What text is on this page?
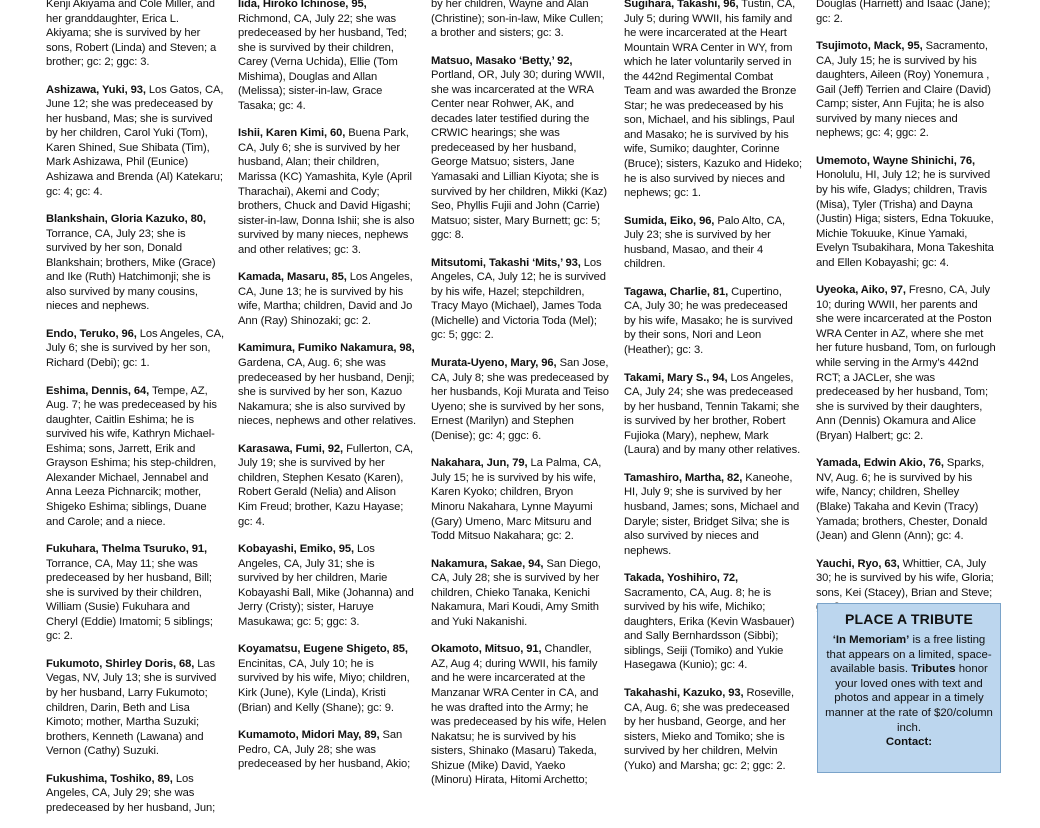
Kenji Akiyama and Cole Miller, and her granddaughter, Erica L. Akiyama; she is survived by her sons, Robert (Linda) and Steven; a brother; gc: 2; ggc: 3.
Ashizawa, Yuki, 93, Los Gatos, CA, June 12; she was predeceased by her husband, Mas; she is survived by her children, Carol Yuki (Tom), Karen Shined, Sue Shibata (Tim), Mark Ashizawa, Phil (Eunice) Ashizawa and Brenda (Al) Katekaru; gc: 4; gc: 4.
Blankshain, Gloria Kazuko, 80, Torrance, CA, July 23; she is survived by her son, Donald Blankshain; brothers, Mike (Grace) and Ike (Ruth) Hatchimonji; she is also survived by many cousins, nieces and nephews.
Endo, Teruko, 96, Los Angeles, CA, July 6; she is survived by her son, Richard (Debi); gc: 1.
Eshima, Dennis, 64, Tempe, AZ, Aug. 7; he was predeceased by his daughter, Caitlin Eshima; he is survived his wife, Kathryn Michael-Eshima; sons, Jarrett, Erik and Grayson Eshima; his step-children, Alexander Michael, Jennabel and Anna Leeza Pichnarcik; mother, Shigeko Eshima; siblings, Duane and Carole; and a niece.
Fukuhara, Thelma Tsuruko, 91, Torrance, CA, May 11; she was predeceased by her husband, Bill; she is survived by their children, William (Susie) Fukuhara and Cheryl (Eddie) Imatomi; 5 siblings; gc: 2.
Fukumoto, Shirley Doris, 68, Las Vegas, NV, July 13; she is survived by her husband, Larry Fukumoto; children, Darin, Beth and Lisa Kimoto; mother, Martha Suzuki; brothers, Kenneth (Lawana) and Vernon (Cathy) Suzuki.
Fukushima, Toshiko, 89, Los Angeles, CA, July 29; she was predeceased by her husband, Jun;
Iida, Hiroko Ichinose, 95, Richmond, CA, July 22; she was predeceased by her husband, Ted; she is survived by their children, Carey (Verna Uchida), Ellie (Tom Mishima), Douglas and Allan (Melissa); sister-in-law, Grace Tasaka; gc: 4.
Ishii, Karen Kimi, 60, Buena Park, CA, July 6; she is survived by her husband, Alan; their children, Marissa (KC) Yamashita, Kyle (April Tharachai), Akemi and Cody; brothers, Chuck and David Higashi; sister-in-law, Donna Ishii; she is also survived by many nieces, nephews and other relatives; gc: 3.
Kamada, Masaru, 85, Los Angeles, CA, June 13; he is survived by his wife, Martha; children, David and Jo Ann (Ray) Shinozaki; gc: 2.
Kamimura, Fumiko Nakamura, 98, Gardena, CA, Aug. 6; she was predeceased by her husband, Denji; she is survived by her son, Kazuo Nakamura; she is also survived by nieces, nephews and other relatives.
Karasawa, Fumi, 92, Fullerton, CA, July 19; she is survived by her children, Stephen Kesato (Karen), Robert Gerald (Nelia) and Alison Kim Freud; brother, Kazu Hayase; gc: 4.
Kobayashi, Emiko, 95, Los Angeles, CA, July 31; she is survived by her children, Marie Kobayashi Ball, Mike (Johanna) and Jerry (Cristy); sister, Haruye Masukawa; gc: 5; ggc: 3.
Koyamatsu, Eugene Shigeto, 85, Encinitas, CA, July 10; he is survived by his wife, Miyo; children, Kirk (June), Kyle (Linda), Kristi (Brian) and Kelly (Shane); gc: 9.
Kumamoto, Midori May, 89, San Pedro, CA, July 28; she was predeceased by her husband, Akio;
by her children, Wayne and Alan (Christine); son-in-law, Mike Cullen; a brother and sisters; gc: 3.
Matsuo, Masako ‘Betty,’ 92, Portland, OR, July 30; during WWII, she was incarcerated at the WRA Center near Rohwer, AK, and decades later testified during the CRWIC hearings; she was predeceased by her husband, George Matsuo; sisters, Jane Yamasaki and Lillian Kiyota; she is survived by her children, Mikki (Kaz) Seo, Phyllis Fujii and John (Carrie) Matsuo; sister, Mary Burnett; gc: 5; ggc: 8.
Mitsutomi, Takashi ‘Mits,’ 93, Los Angeles, CA, July 12; he is survived by his wife, Hazel; stepchildren, Tracy Mayo (Michael), James Toda (Michelle) and Victoria Toda (Mel); gc: 5; ggc: 2.
Murata-Uyeno, Mary, 96, San Jose, CA, July 8; she was predeceased by her husbands, Koji Murata and Teiso Uyeno; she is survived by her sons, Ernest (Marilyn) and Stephen (Denise); gc: 4; ggc: 6.
Nakahara, Jun, 79, La Palma, CA, July 15; he is survived by his wife, Karen Kyoko; children, Bryon Minoru Nakahara, Lynne Mayumi (Gary) Umeno, Marc Mitsuru and Todd Mitsuo Nakahara; gc: 2.
Nakamura, Sakae, 94, San Diego, CA, July 28; she is survived by her children, Chieko Tanaka, Kenichi Nakamura, Mari Koudi, Amy Smith and Yuki Nakanishi.
Okamoto, Mitsuo, 91, Chandler, AZ, Aug 4; during WWII, his family and he were incarcerated at the Manzanar WRA Center in CA, and he was drafted into the Army; he was predeceased by his wife, Helen Nakatsu; he is survived by his sisters, Shinako (Masaru) Takeda, Shizue (Mike) David, Yaeko (Minoru) Hirata, Hitomi Archetto;
Sugihara, Takashi, 96, Tustin, CA, July 5; during WWII, his family and he were incarcerated at the Heart Mountain WRA Center in WY, from which he later voluntarily served in the 442nd Regimental Combat Team and was awarded the Bronze Star; he was predeceased by his son, Michael, and his siblings, Paul and Masako; he is survived by his wife, Sumiko; daughter, Corinne (Bruce); sisters, Kazuko and Hideko; he is also survived by nieces and nephews; gc: 1.
Sumida, Eiko, 96, Palo Alto, CA, July 23; she is survived by her husband, Masao, and their 4 children.
Tagawa, Charlie, 81, Cupertino, CA, July 30; he was predeceased by his wife, Masako; he is survived by their sons, Nori and Leon (Heather); gc: 3.
Takami, Mary S., 94, Los Angeles, CA, July 24; she was predeceased by her husband, Tennin Takami; she is survived by her brother, Robert Fujioka (Mary), nephew, Mark (Laura) and by many other relatives.
Tamashiro, Martha, 82, Kaneohe, HI, July 9; she is survived by her husband, James; sons, Michael and Daryle; sister, Bridget Silva; she is also survived by nieces and nephews.
Takada, Yoshihiro, 72, Sacramento, CA, Aug. 8; he is survived by his wife, Michiko; daughters, Erika (Kevin Wasbauer) and Sally Bernhardsson (Sibbi); siblings, Seiji (Tomiko) and Yukie Hasegawa (Kunio); gc: 4.
Takahashi, Kazuko, 93, Roseville, CA, Aug. 6; she was predeceased by her husband, George, and her sisters, Mieko and Tomiko; she is survived by her children, Melvin (Yuko) and Marsha; gc: 2; ggc: 2.
Douglas (Harriett) and Isaac (Jane); gc: 2.
Tsujimoto, Mack, 95, Sacramento, CA, July 15; he is survived by his daughters, Aileen (Roy) Yonemura , Gail (Jeff) Terrien and Claire (David) Camp; sister, Ann Fujita; he is also survived by many nieces and nephews; gc: 4; ggc: 2.
Umemoto, Wayne Shinichi, 76, Honolulu, HI, July 12; he is survived by his wife, Gladys; children, Travis (Misa), Tyler (Trisha) and Dayna (Justin) Higa; sisters, Edna Tokuuke, Michie Tokuuke, Kinue Yamaki, Evelyn Tsubakihara, Mona Takeshita and Ellen Kobayashi; gc: 4.
Uyeoka, Aiko, 97, Fresno, CA, July 10; during WWII, her parents and she were incarcerated at the Poston WRA Center in AZ, where she met her future husband, Tom, on furlough while serving in the Army’s 442nd RCT; a JACLer, she was predeceased by her husband, Tom; she is survived by their daughters, Ann (Dennis) Okamura and Alice (Bryan) Halbert; gc: 2.
Yamada, Edwin Akio, 76, Sparks, NV, Aug. 6; he is survived by his wife, Nancy; children, Shelley (Blake) Takaha and Kevin (Tracy) Yamada; brothers, Chester, Donald (Jean) and Glenn (Ann); gc: 4.
Yauchi, Ryo, 63, Whittier, CA, July 30; he is survived by his wife, Gloria; sons, Kei (Stacey), Brian and Steve;
PLACE A TRIBUTE
‘In Memoriam’ is a free listing that appears on a limited, space-available basis. Tributes honor your loved ones with text and photos and appear in a timely manner at the rate of $20/column inch.
Contact:
